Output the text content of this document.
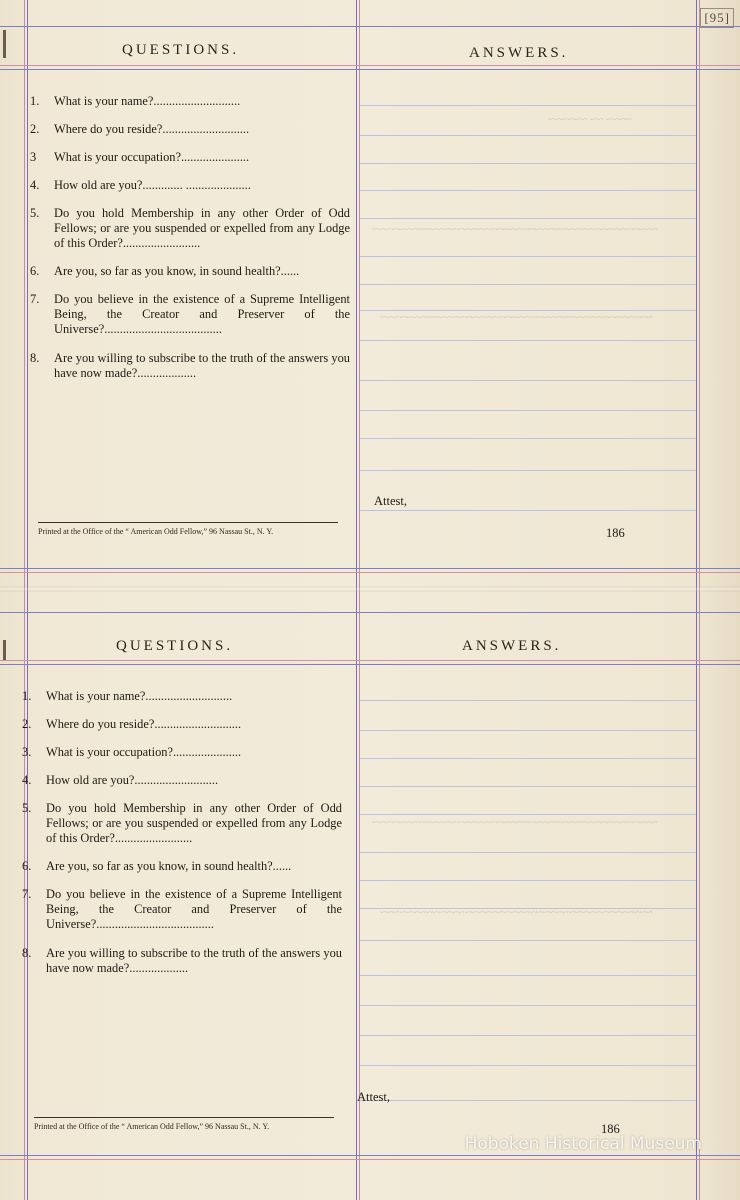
~~~~ ~~ ~~~~~~
~~~~~~~~~~~~~~~~~~~~~~~~~~~~~~~~~~~~~~~~~~~~
~~~~~~~~~~~~~~~~~~~~~~~~~~~~~~~~~~~~~~~~~~
~~~~~~~~~~~~~~~~~~~~~~~~~~~~~~~~~~~~~~~~~~~~
~~~~~~~~~~~~~~~~~~~~~~~~~~~~~~~~~~~~~~~~~~
[95]
QUESTIONS.	ANSWERS.
1.	What is your name?............................
2.	Where do you reside?............................
3	What is your occupation?......................
4.	How old are you?............. .....................
5.	Do you hold Membership in any other Order of Odd Fellows; or are you suspended or expelled from any Lodge of this Order?.........................
6.	Are you, so far as you know, in sound health?......
7.	Do you believe in the existence of a Supreme Intelligent Being, the Creator and Preserver of the Universe?......................................
8.	Are you willing to subscribe to the truth of the answers you have now made?...................
Printed at the Office of the “ American Odd Fellow,” 96 Nassau St., N. Y.
Attest,
186
QUESTIONS.	ANSWERS.
1.	What is your name?............................
2.	Where do you reside?............................
3.	What is your occupation?......................
4.	How old are you?...........................
5.	Do you hold Membership in any other Order of Odd Fellows; or are you suspended or expelled from any Lodge of this Order?.........................
6.	Are you, so far as you know, in sound health?......
7.	Do you believe in the existence of a Supreme Intelligent Being, the Creator and Preserver of the Universe?......................................
8.	Are you willing to subscribe to the truth of the answers you have now made?...................
Printed at the Office of the “ American Odd Fellow,” 96 Nassau St., N. Y.
Attest,
186
Hoboken Historical Museum
